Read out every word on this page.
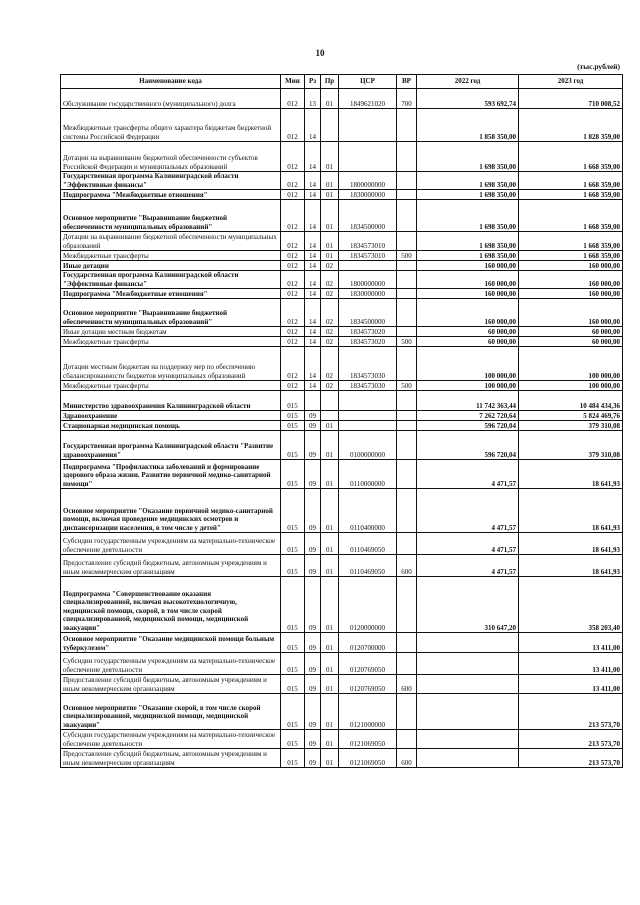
10
(тыс.рублей)
Наименование кода	Мин	Рз	Пр	ЦСР	ВР	2022 год	2023 год
Обслуживание государственного (муниципального) долга	012	13	01	1849621020	700	593 692,74	710 008,52
Межбюджетные трансферты общего характера бюджетам бюджетной системы Российской Федерации	012	14				1 858 350,00	1 828 359,00
Дотации на выравнивание бюджетной обеспеченности субъектов Российской Федерации и муниципальных образований	012	14	01			1 698 350,00	1 668 359,00
Государственная программа Калининградской области "Эффективные финансы"	012	14	01	1800000000		1 698 350,00	1 668 359,00
Подпрограмма "Межбюджетные отношения"	012	14	01	1830000000		1 698 350,00	1 668 359,00
Основное мероприятие "Выравнивание бюджетной обеспеченности муниципальных образований"	012	14	01	1834500000		1 698 350,00	1 668 359,00
Дотации на выравнивание бюджетной обеспеченности муниципальных образований	012	14	01	1834573010		1 698 350,00	1 668 359,00
Межбюджетные трансферты	012	14	01	1834573010	500	1 698 350,00	1 668 359,00
Иные дотации	012	14	02			160 000,00	160 000,00
Государственная программа Калининградской области "Эффективные финансы"	012	14	02	1800000000		160 000,00	160 000,00
Подпрограмма "Межбюджетные отношения"	012	14	02	1830000000		160 000,00	160 000,00
Основное мероприятие "Выравнивание бюджетной обеспеченности муниципальных образований"	012	14	02	1834500000		160 000,00	160 000,00
Иные дотации местным бюджетам	012	14	02	1834573020		60 000,00	60 000,00
Межбюджетные трансферты	012	14	02	1834573020	500	60 000,00	60 000,00
Дотации местным бюджетам на поддержку мер по обеспечению сбалансированности бюджетов муниципальных образований	012	14	02	1834573030		100 000,00	100 000,00
Межбюджетные трансферты	012	14	02	1834573030	500	100 000,00	100 000,00
Министерство здравоохранения Калининградской области	015					11 742 363,44	10 484 434,36
Здравоохранение	015	09				7 262 720,64	5 824 469,76
Стационарная медицинская помощь	015	09	01			596 720,04	379 310,08
Государственная программа Калининградской области "Развитие здравоохранения"	015	09	01	0100000000		596 720,04	379 310,08
Подпрограмма "Профилактика заболеваний и формирование здорового образа жизни. Развитие первичной медико-санитарной помощи"	015	09	01	0110000000		4 471,57	18 641,93
Основное мероприятие "Оказание первичной медико-санитарной помощи, включая проведение медицинских осмотров и диспансеризации населения, в том числе у детей"	015	09	01	0110400000		4 471,57	18 641,93
Субсидии государственным учреждениям на материально-техническое обеспечение деятельности	015	09	01	0110469050		4 471,57	18 641,93
Предоставление субсидий бюджетным, автономным учреждениям и иным некоммерческим организациям	015	09	01	0110469050	600	4 471,57	18 641,93
Подпрограмма "Совершенствование оказания специализированной, включая высокотехнологичную, медицинской помощи, скорой, в том числе скорой специализированной, медицинской помощи, медицинской эвакуации"	015	09	01	0120000000		310 647,20	358 203,40
Основное мероприятие "Оказание медицинской помощи больным туберкулезом"	015	09	01	0120700000			13 411,00
Субсидии государственным учреждениям на материально-техническое обеспечение деятельности	015	09	01	0120769050			13 411,00
Предоставление субсидий бюджетным, автономным учреждениям и иным некоммерческим организациям	015	09	01	0120769050	600		13 411,00
Основное мероприятие "Оказание скорой, в том числе скорой специализированной, медицинской помощи, медицинской эвакуации"	015	09	01	0121000000			213 573,70
Субсидии государственным учреждениям на материально-техническое обеспечение деятельности	015	09	01	0121069050			213 573,70
Предоставление субсидий бюджетным, автономным учреждениям и иным некоммерческим организациям	015	09	01	0121069050	600		213 573,70
